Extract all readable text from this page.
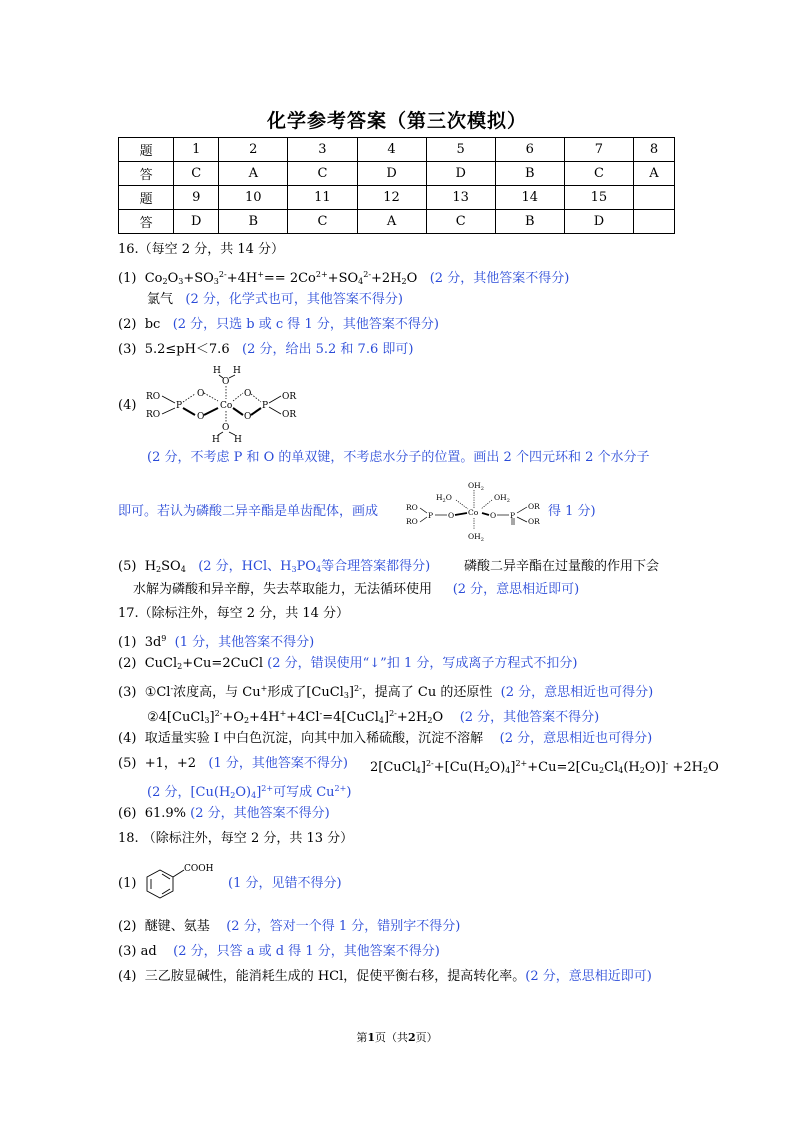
化学参考答案（第三次模拟）
题	1	2	3	4	5	6	7	8
答	C	A	C	D	D	B	C	A
题	9	10	11	12	13	14	15	
答	D	B	C	A	C	B	D	
16.（每空 2 分，共 14 分）
(1) $Co_2O_3+SO_3^{2-}+4H^+== 2Co^{2+}+SO_4^{2-}+2H_2O$ (2 分，其他答案不得分)
氯气 (2 分，化学式也可，其他答案不得分)
(2) bc (2 分，只选 b 或 c 得 1 分，其他答案不得分)
(3) 5.2≤pH＜7.6 (2 分，给出 5.2 和 7.6 即可)
(4)
H H
O
RO
RO
P
O
O
Co
O
O
P
OR
OR
O
H H
(2 分，不考虑 P 和 O 的单双键，不考虑水分子的位置。画出 2 个四元环和 2 个水分子
即可。若认为磷酸二异辛酯是单齿配体，画成
$OH_2$
$H_2O$	$OH_2$
RO
RO
P O Co O P
OR
OR
$OH_2$
得 1 分)
(5) $H_2SO_4$ (2 分，HCl、$H_3PO_4$等合理答案都得分)	磷酸二异辛酯在过量酸的作用下会
水解为磷酸和异辛醇，失去萃取能力，无法循环使用 (2 分，意思相近即可)
17.（除标注外，每空 2 分，共 14 分）
(1) $3d^9$ (1 分，其他答案不得分)
(2) CuCl$_2$+Cu=2CuCl (2 分，错误使用“↓”扣 1 分，写成离子方程式不扣分)
(3) ①Cl-浓度高，与 Cu+形成了[CuCl$_3$]$^{2-}$，提高了 Cu 的还原性 (2 分，意思相近也可得分)
$②4[CuCl_3]^{2-}+O_2+4H^++4Cl^-=4[CuCl_4]^{2-}+2H_2O$ (2 分，其他答案不得分)
(4) 取适量实验 I 中白色沉淀，向其中加入稀硫酸，沉淀不溶解 (2 分，意思相近也可得分)
(5) +1，+2 (1 分，其他答案不得分) $2[CuCl_4]^{2-}+[Cu(H_2O)_4]^{2+}+Cu=2[Cu_2Cl_4(H_2O)]^- +2H_2O$
(2 分，$[Cu(H_2O)_4]^{2+}$可写成 $Cu^{2+}$)
(6) 61.9% (2 分，其他答案不得分)
18. （除标注外，每空 2 分，共 13 分）
(1)
COOH
(1 分，见错不得分)
(2) 醚键、氨基 (2 分，答对一个得 1 分，错别字不得分)
(3) ad (2 分，只答 a 或 d 得 1 分，其他答案不得分)
(4) 三乙胺显碱性，能消耗生成的 HCl，促使平衡右移，提高转化率。(2 分，意思相近即可)
第1页（共2页）
